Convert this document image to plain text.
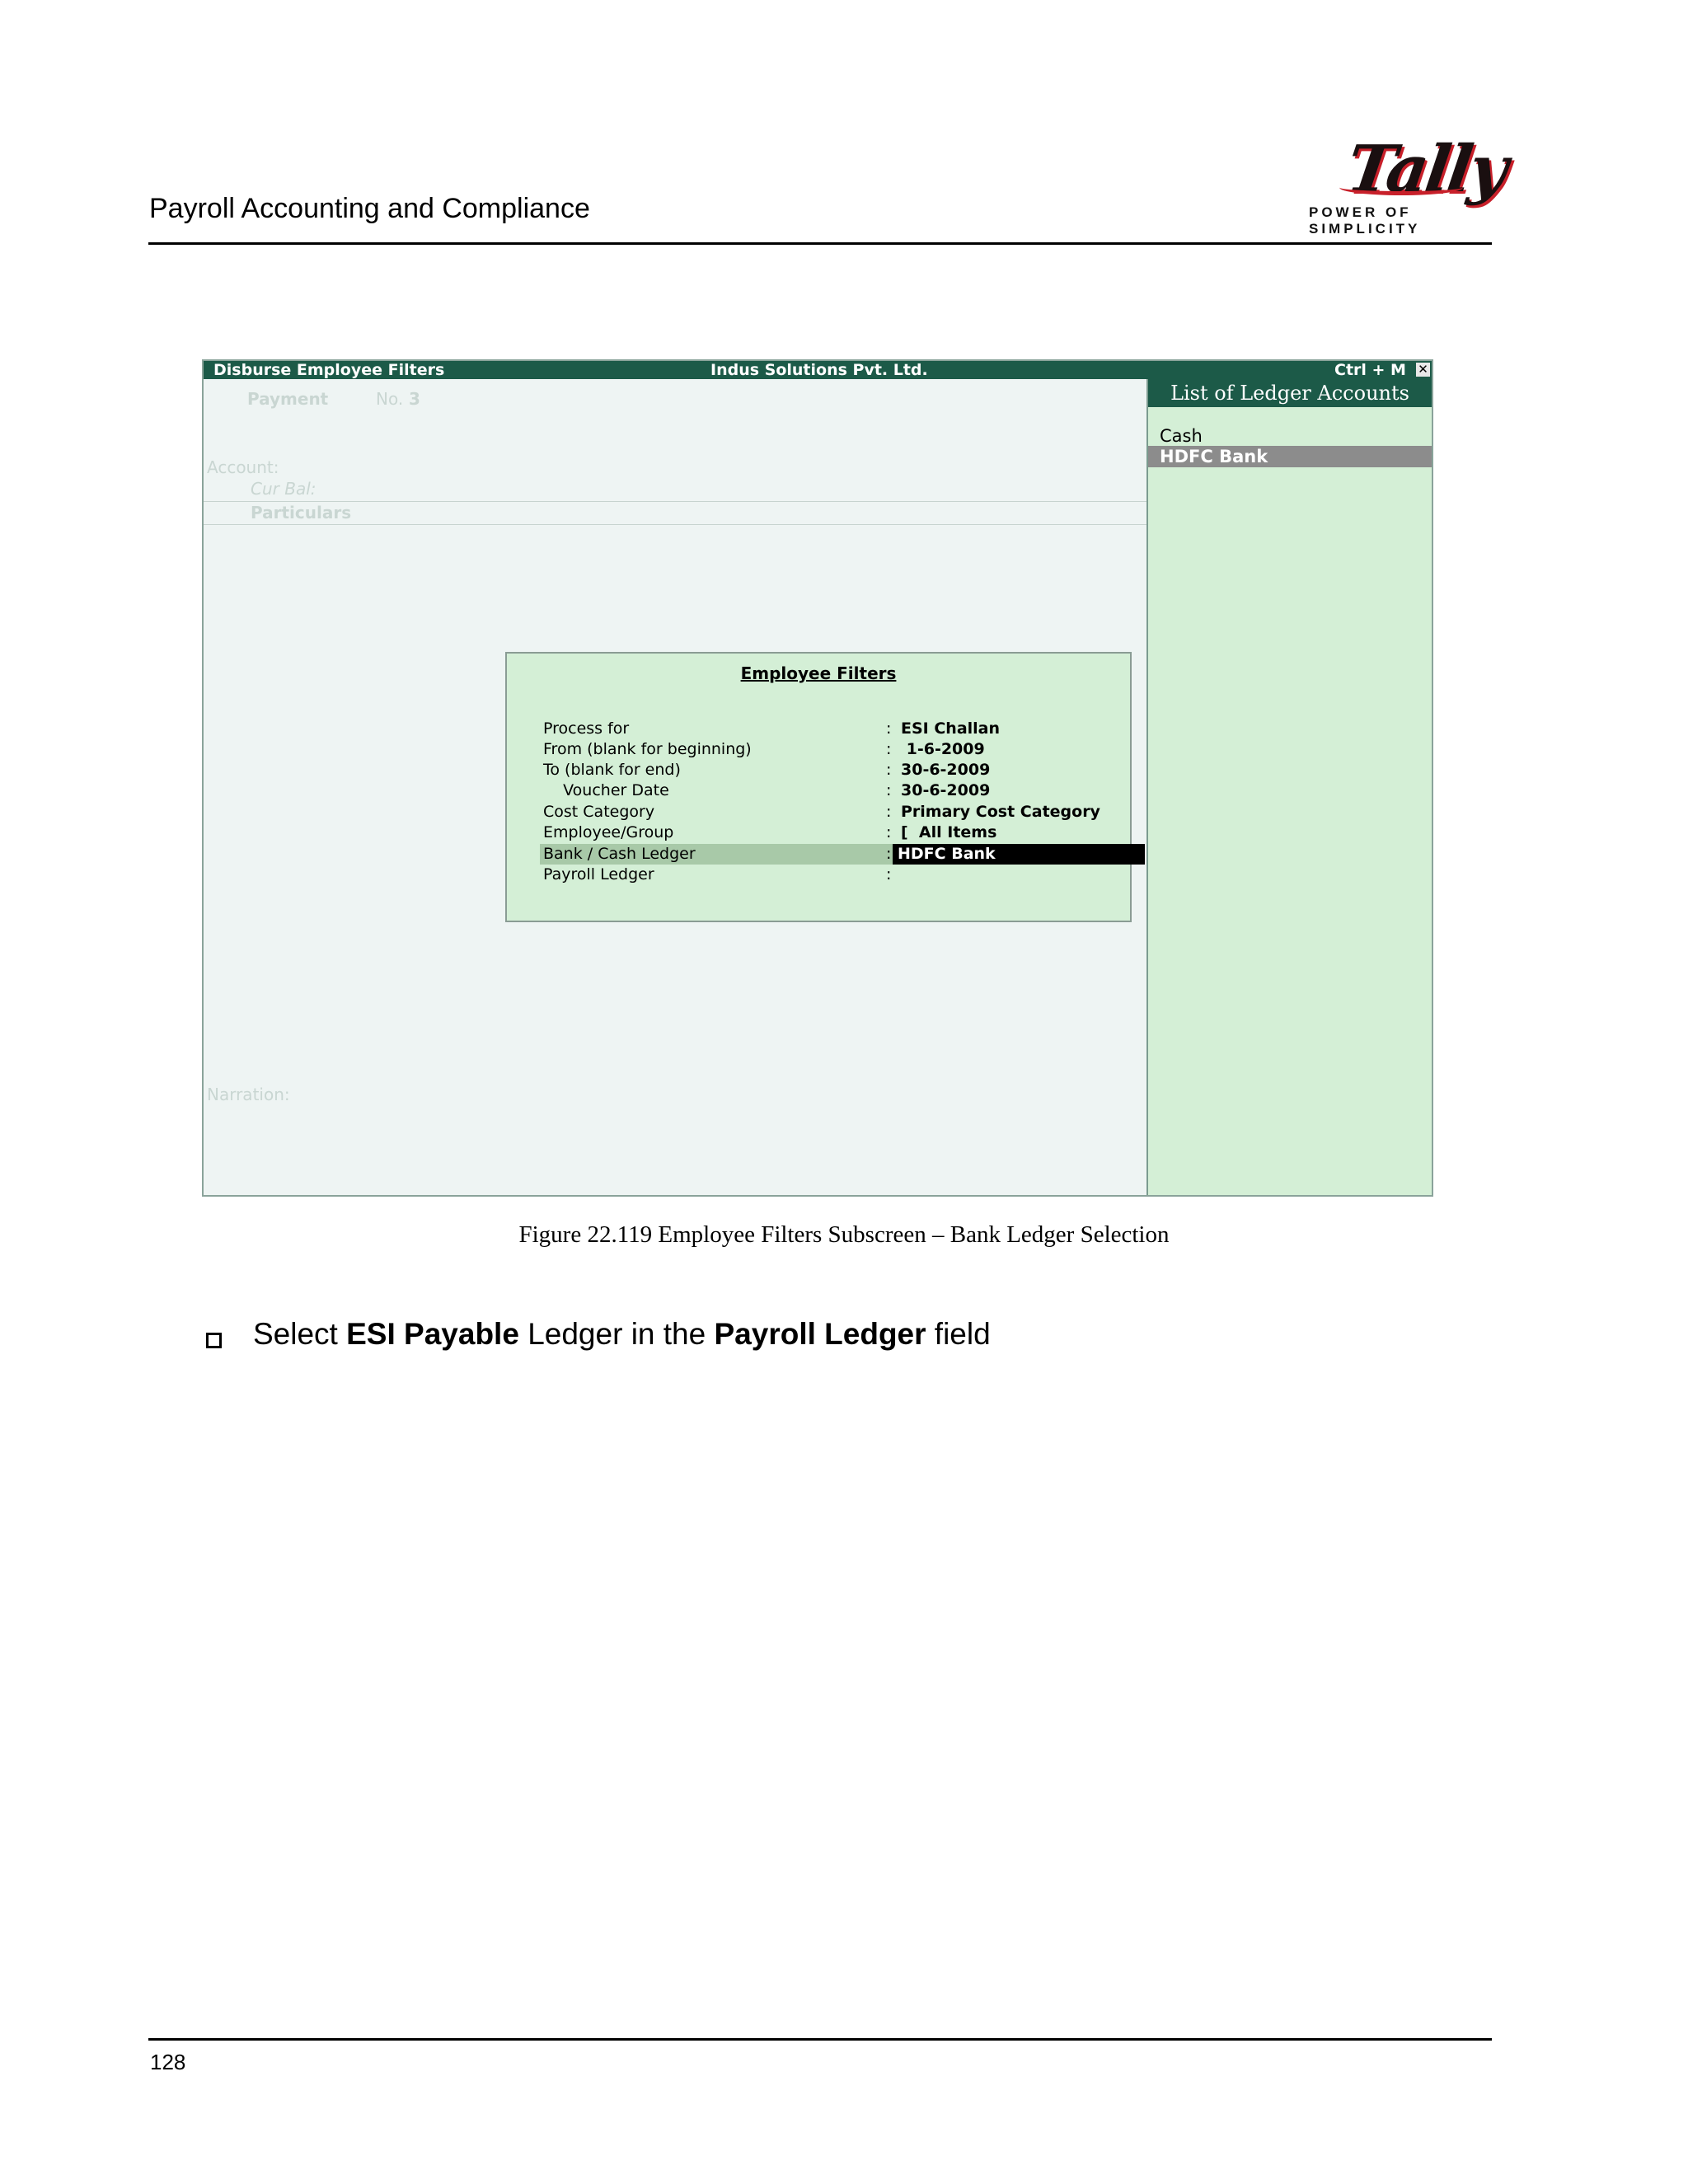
Payroll Accounting and Compliance
Tally
POWER OF SIMPLICITY
Disburse Employee Filters	Indus Solutions Pvt. Ltd.	Ctrl + M ✕
Payment	No. 3
Account:
Cur Bal:
Particulars
Narration:
Employee Filters
Process for	: ESI Challan
From (blank for beginning)	: 1-6-2009
To (blank for end)	: 30-6-2009
Voucher Date	: 30-6-2009
Cost Category	: Primary Cost Category
Employee/Group	: [  All Items
Bank / Cash Ledger	: HDFC Bank
Payroll Ledger	:
List of Ledger Accounts
Cash
HDFC Bank
Figure 22.119 Employee Filters Subscreen – Bank Ledger Selection
Select ESI Payable Ledger in the Payroll Ledger field
128
